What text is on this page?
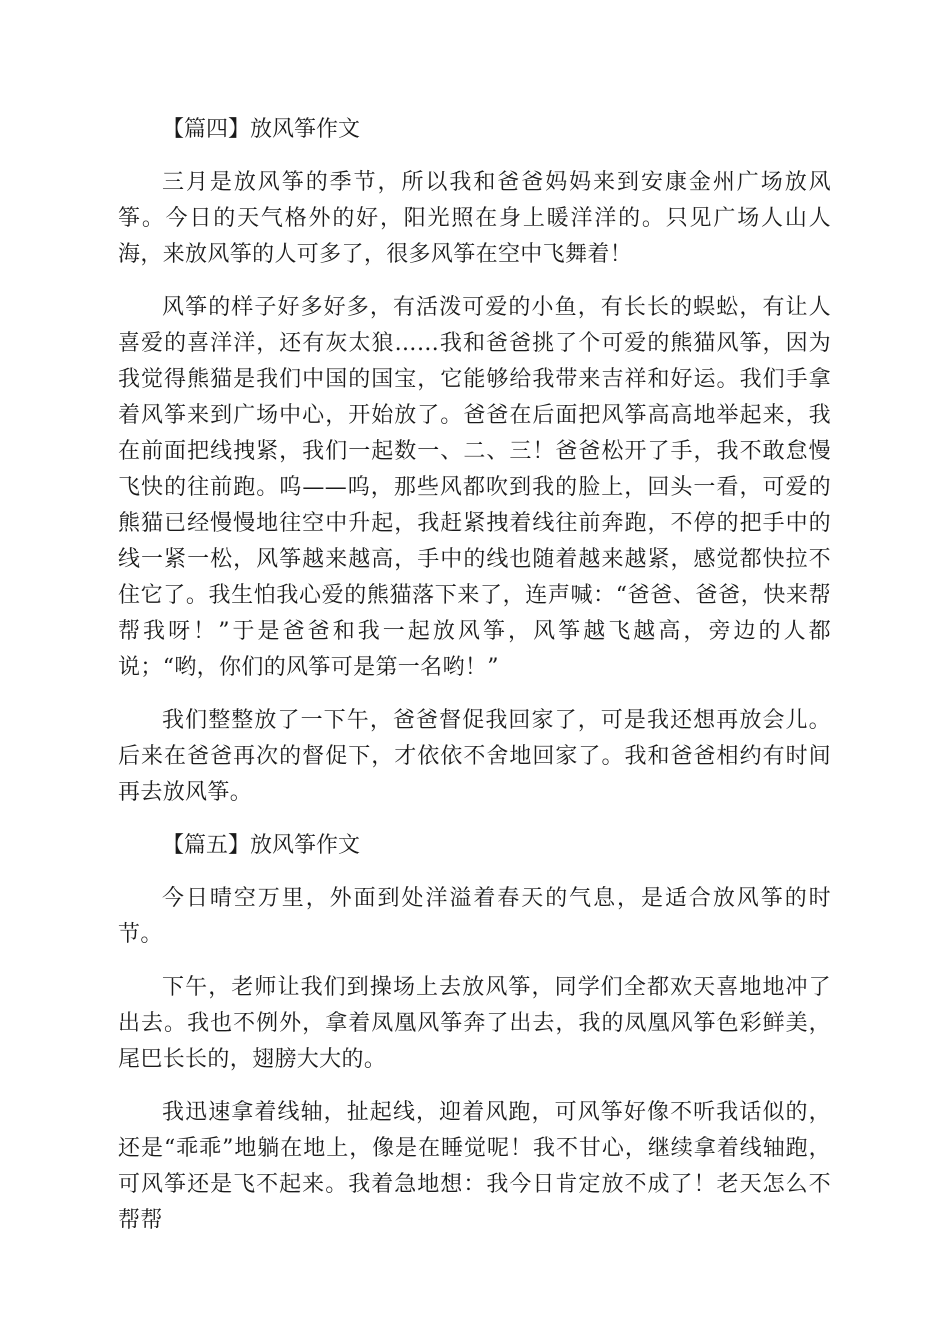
【篇四】放风筝作文

三月是放风筝的季节，所以我和爸爸妈妈来到安康金州广场放风筝。今日的天气格外的好，阳光照在身上暖洋洋的。只见广场人山人海，来放风筝的人可多了，很多风筝在空中飞舞着！

风筝的样子好多好多，有活泼可爱的小鱼，有长长的蜈蚣，有让人喜爱的喜洋洋，还有灰太狼……我和爸爸挑了个可爱的熊猫风筝，因为我觉得熊猫是我们中国的国宝，它能够给我带来吉祥和好运。我们手拿着风筝来到广场中心，开始放了。爸爸在后面把风筝高高地举起来，我在前面把线拽紧，我们一起数一、二、三！爸爸松开了手，我不敢怠慢飞快的往前跑。呜——呜，那些风都吹到我的脸上，回头一看，可爱的熊猫已经慢慢地往空中升起，我赶紧拽着线往前奔跑，不停的把手中的线一紧一松，风筝越来越高，手中的线也随着越来越紧，感觉都快拉不住它了。我生怕我心爱的熊猫落下来了，连声喊：“爸爸、爸爸，快来帮帮我呀！”于是爸爸和我一起放风筝，风筝越飞越高，旁边的人都说；“哟，你们的风筝可是第一名哟！”

我们整整放了一下午，爸爸督促我回家了，可是我还想再放会儿。后来在爸爸再次的督促下，才依依不舍地回家了。我和爸爸相约有时间再去放风筝。

【篇五】放风筝作文

今日晴空万里，外面到处洋溢着春天的气息，是适合放风筝的时节。

下午，老师让我们到操场上去放风筝，同学们全都欢天喜地地冲了出去。我也不例外，拿着凤凰风筝奔了出去，我的凤凰风筝色彩鲜美，尾巴长长的，翅膀大大的。

我迅速拿着线轴，扯起线，迎着风跑，可风筝好像不听我话似的，还是“乖乖”地躺在地上，像是在睡觉呢！我不甘心，继续拿着线轴跑，可风筝还是飞不起来。我着急地想：我今日肯定放不成了！老天怎么不帮帮
